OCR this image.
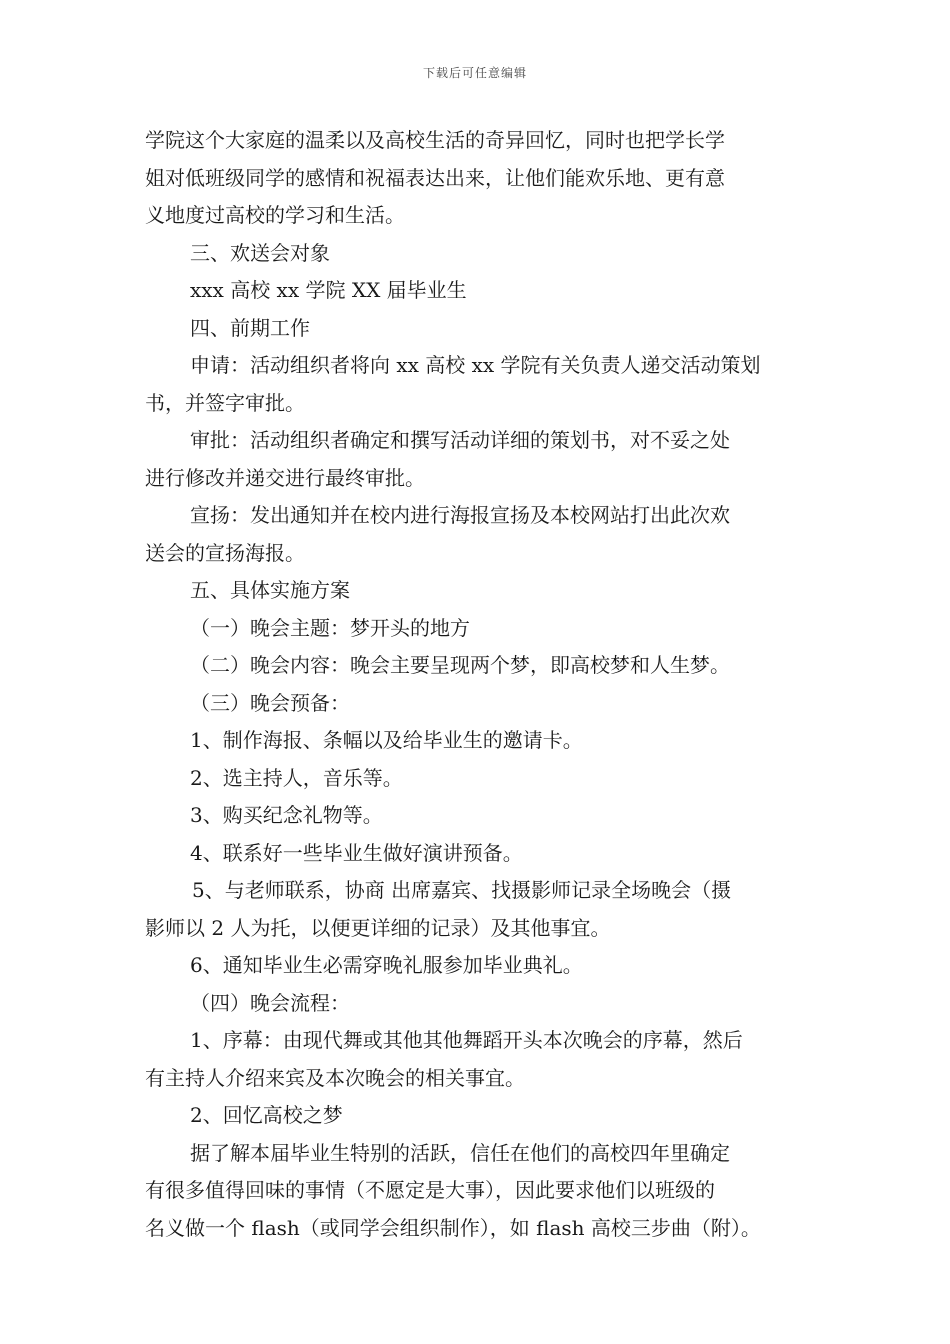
下载后可任意编辑

学院这个大家庭的温柔以及高校生活的奇异回忆，同时也把学长学

姐对低班级同学的感情和祝福表达出来，让他们能欢乐地、更有意

义地度过高校的学习和生活。

三、欢送会对象

xxx 高校 xx 学院 XX 届毕业生

四、前期工作

申请：活动组织者将向 xx 高校 xx 学院有关负责人递交活动策划

书，并签字审批。

审批：活动组织者确定和撰写活动详细的策划书，对不妥之处

进行修改并递交进行最终审批。

宣扬：发出通知并在校内进行海报宣扬及本校网站打出此次欢

送会的宣扬海报。

五、具体实施方案

（一）晚会主题：梦开头的地方

（二）晚会内容：晚会主要呈现两个梦，即高校梦和人生梦。

（三）晚会预备：

1、制作海报、条幅以及给毕业生的邀请卡。

2、选主持人，音乐等。

3、购买纪念礼物等。

4、联系好一些毕业生做好演讲预备。

5、与老师联系，协商 出席嘉宾、找摄影师记录全场晚会（摄

影师以 2 人为托，以便更详细的记录）及其他事宜。

6、通知毕业生必需穿晚礼服参加毕业典礼。

（四）晚会流程：

1、序幕：由现代舞或其他其他舞蹈开头本次晚会的序幕，然后

有主持人介绍来宾及本次晚会的相关事宜。

2、回忆高校之梦

据了解本届毕业生特别的活跃，信任在他们的高校四年里确定

有很多值得回味的事情（不愿定是大事），因此要求他们以班级的

名义做一个 flash（或同学会组织制作），如 flash 高校三步曲（附）。
